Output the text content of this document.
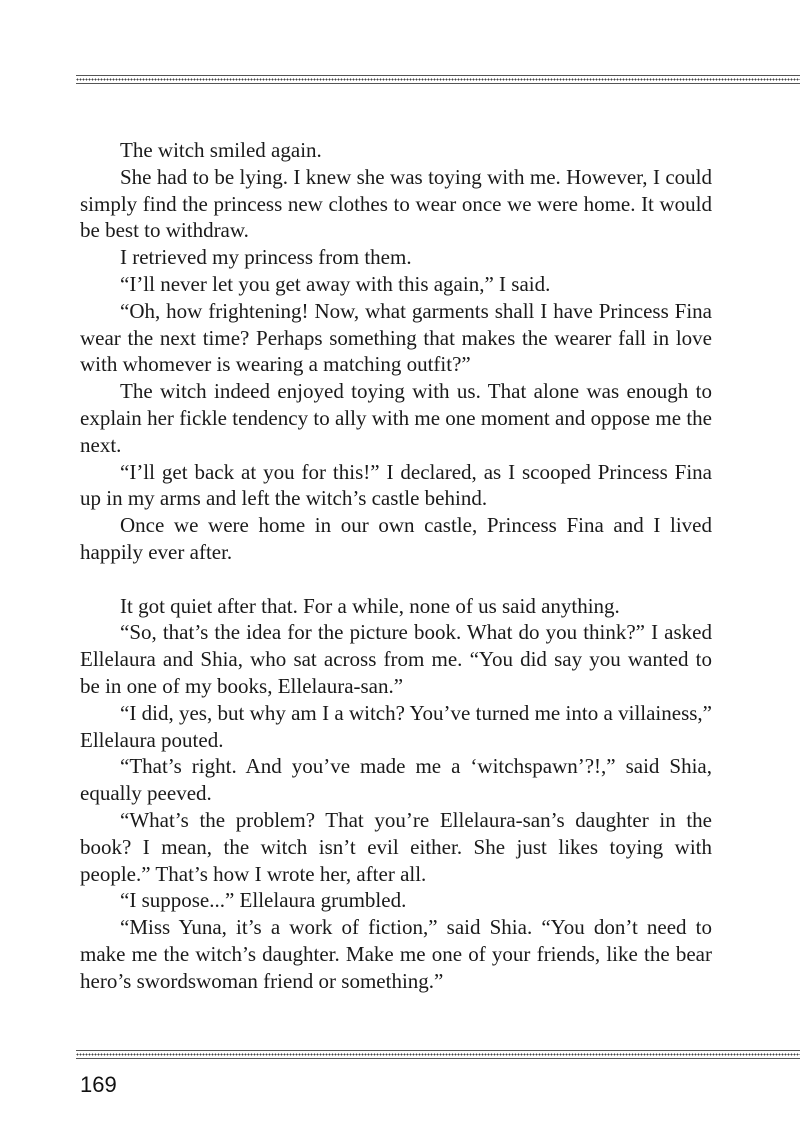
The witch smiled again.

She had to be lying. I knew she was toying with me. However, I could simply find the princess new clothes to wear once we were home. It would be best to withdraw.

I retrieved my princess from them.

“I’ll never let you get away with this again,” I said.

“Oh, how frightening! Now, what garments shall I have Princess Fina wear the next time? Perhaps something that makes the wearer fall in love with whomever is wearing a matching outfit?”

The witch indeed enjoyed toying with us. That alone was enough to explain her fickle tendency to ally with me one moment and oppose me the next.

“I’ll get back at you for this!” I declared, as I scooped Princess Fina up in my arms and left the witch’s castle behind.

Once we were home in our own castle, Princess Fina and I lived happily ever after.

It got quiet after that. For a while, none of us said anything.

“So, that’s the idea for the picture book. What do you think?” I asked Ellelaura and Shia, who sat across from me. “You did say you wanted to be in one of my books, Ellelaura-san.”

“I did, yes, but why am I a witch? You’ve turned me into a villainess,” Ellelaura pouted.

“That’s right. And you’ve made me a ‘witchspawn’?!,” said Shia, equally peeved.

“What’s the problem? That you’re Ellelaura-san’s daughter in the book? I mean, the witch isn’t evil either. She just likes toying with people.” That’s how I wrote her, after all.

“I suppose...” Ellelaura grumbled.

“Miss Yuna, it’s a work of fiction,” said Shia. “You don’t need to make me the witch’s daughter. Make me one of your friends, like the bear hero’s swordswoman friend or something.”

169
